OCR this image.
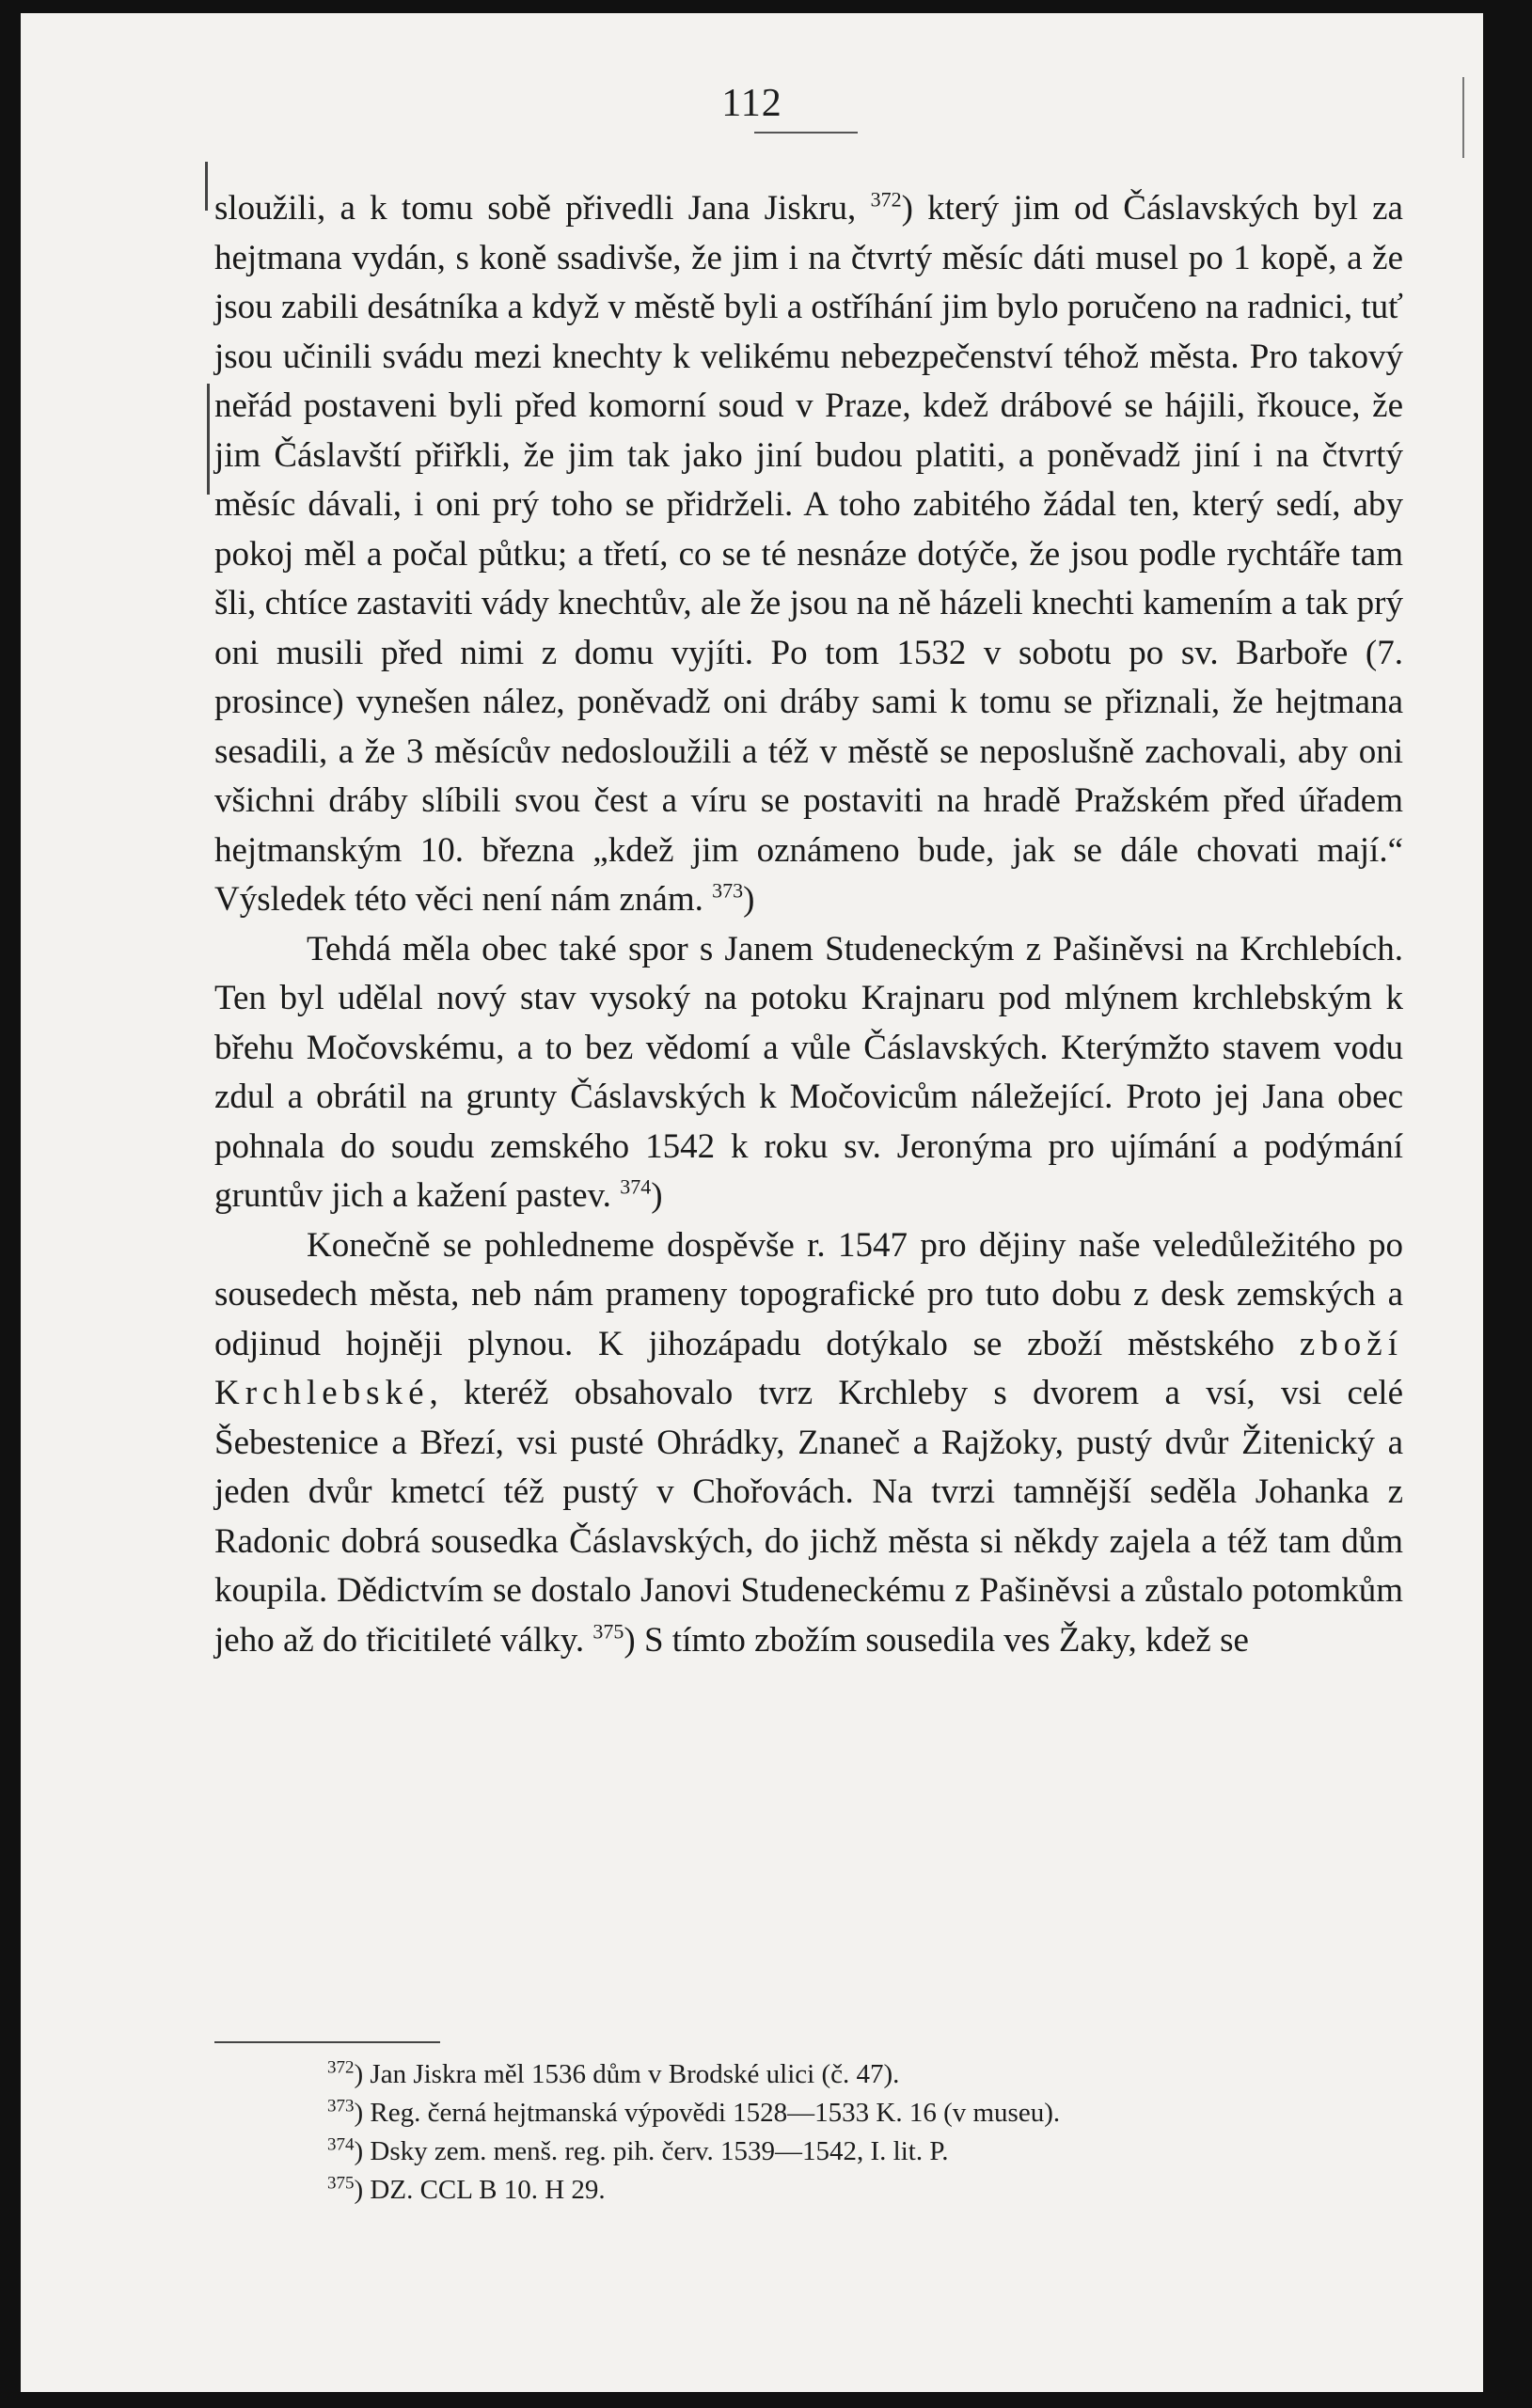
112

sloužili, a k tomu sobě přivedli Jana Jiskru, $^{372}$) který jim od Čáslavských byl za hejtmana vydán, s koně ssadivše, že jim i na čtvrtý měsíc dáti musel po 1 kopě, a že jsou zabili desátníka a když v městě byli a ostříhání jim bylo poručeno na radnici, tuť jsou učinili svádu mezi knechty k velikému nebezpečenství téhož města. Pro takový neřád postaveni byli před komorní soud v Praze, kdež drábové se hájili, řkouce, že jim Čáslavští přiřkli, že jim tak jako jiní budou platiti, a poněvadž jiní i na čtvrtý měsíc dávali, i oni prý toho se přidrželi. A toho zabitého žádal ten, který sedí, aby pokoj měl a počal půtku; a třetí, co se té nesnáze dotýče, že jsou podle rychtáře tam šli, chtíce zastaviti vády knechtův, ale že jsou na ně házeli knechti kamením a tak prý oni musili před nimi z domu vyjíti. Po tom 1532 v sobotu po sv. Barboře (7. prosince) vynešen nález, poněvadž oni dráby sami k tomu se přiznali, že hejtmana sesadili, a že 3 měsícův nedosloužili a též v městě se neposlušně zachovali, aby oni všichni dráby slíbili svou čest a víru se postaviti na hradě Pražském před úřadem hejtmanským 10. března „kdež jim oznámeno bude, jak se dále chovati mají.“ Výsledek této věci není nám znám. $^{373}$)

Tehdá měla obec také spor s Janem Studeneckým z Pašiněvsi na Krchlebích. Ten byl udělal nový stav vysoký na potoku Krajnaru pod mlýnem krchlebským k břehu Močovskému, a to bez vědomí a vůle Čáslavských. Kterýmžto stavem vodu zdul a obrátil na grunty Čáslavských k Močovicům náležející. Proto jej Jana obec pohnala do soudu zemského 1542 k roku sv. Jeronýma pro ujímání a podýmání gruntův jich a kažení pastev. $^{374}$)

Konečně se pohledneme dospěvše r. 1547 pro dějiny naše veledůležitého po sousedech města, neb nám prameny topografické pro tuto dobu z desk zemských a odjinud hojněji plynou. K jihozápadu dotýkalo se zboží městského zboží Krchlebské, kteréž obsahovalo tvrz Krchleby s dvorem a vsí, vsi celé Šebestenice a Březí, vsi pusté Ohrádky, Znaneč a Rajžoky, pustý dvůr Žitenický a jeden dvůr kmetcí též pustý v Chořovách. Na tvrzi tamnější seděla Johanka z Radonic dobrá sousedka Čáslavských, do jichž města si někdy zajela a též tam dům koupila. Dědictvím se dostalo Janovi Studeneckému z Pašiněvsi a zůstalo potomkům jeho až do třicitileté války. $^{375}$) S tímto zbožím sousedila ves Žaky, kdež se

$^{372}$) Jan Jiskra měl 1536 dům v Brodské ulici (č. 47).

$^{373}$) Reg. černá hejtmanská výpovědi 1528—1533 K. 16 (v museu).

$^{374}$) Dsky zem. menš. reg. pih. červ. 1539—1542, I. lit. P.

$^{375}$) DZ. CCL B 10. H 29.
